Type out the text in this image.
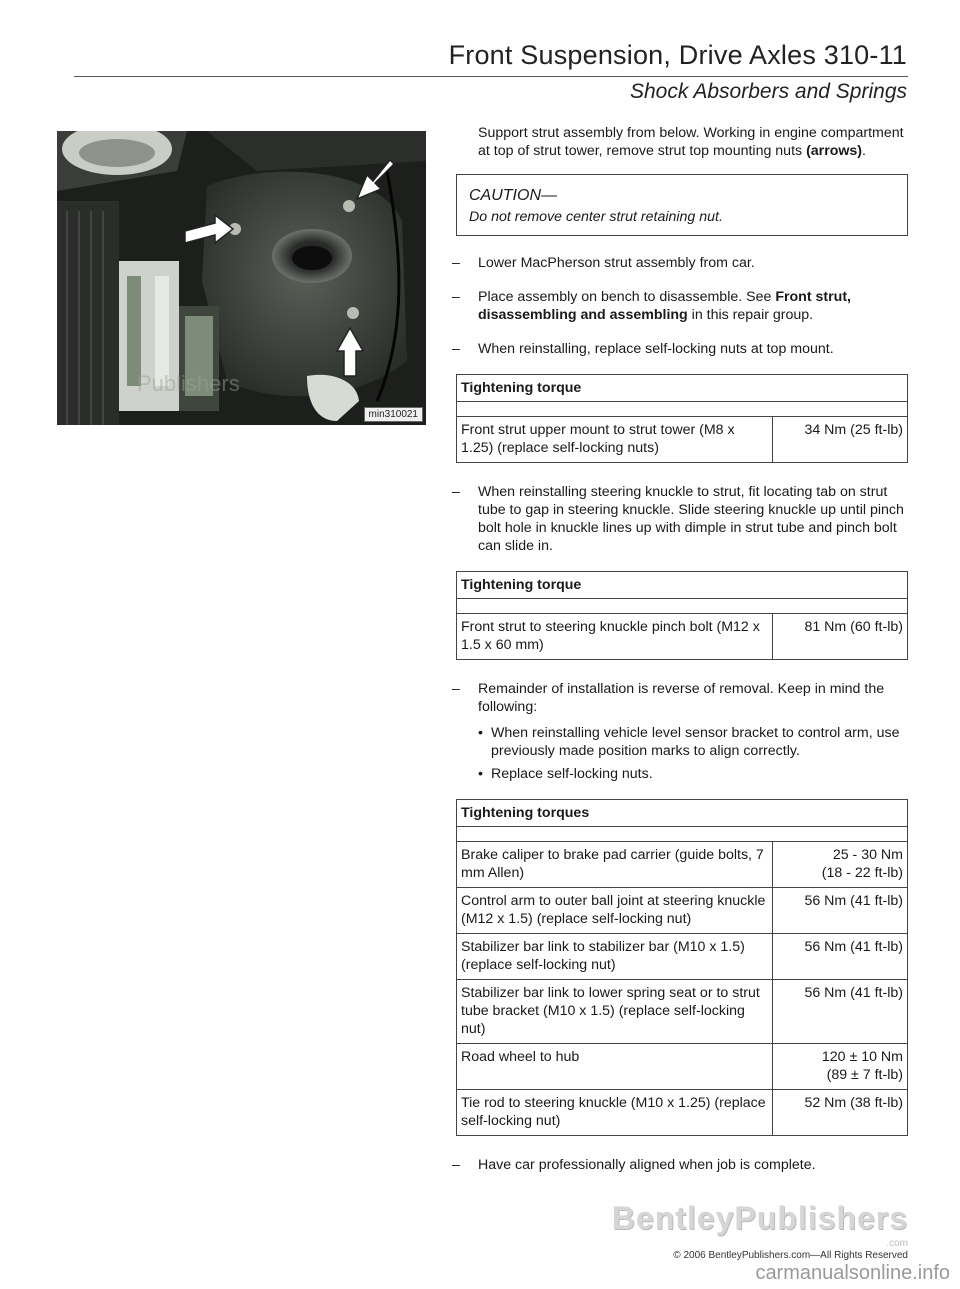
Front Suspension, Drive Axles 310-11
Shock Absorbers and Springs
Publishers
min310021
Support strut assembly from below. Working in engine compartment at top of strut tower, remove strut top mounting nuts (arrows).
CAUTION—
Do not remove center strut retaining nut.
– Lower MacPherson strut assembly from car.
– Place assembly on bench to disassemble. See Front strut, disassembling and assembling in this repair group.
– When reinstalling, replace self-locking nuts at top mount.
Tightening torque

Front strut upper mount to strut tower (M8 x 1.25) (replace self-locking nuts)	34 Nm (25 ft-lb)
– When reinstalling steering knuckle to strut, fit locating tab on strut tube to gap in steering knuckle. Slide steering knuckle up until pinch bolt hole in knuckle lines up with dimple in strut tube and pinch bolt can slide in.
Tightening torque

Front strut to steering knuckle pinch bolt (M12 x 1.5 x 60 mm)	81 Nm (60 ft-lb)
– Remainder of installation is reverse of removal. Keep in mind the following:
• When reinstalling vehicle level sensor bracket to control arm, use previously made position marks to align correctly.
• Replace self-locking nuts.
Tightening torques	

Brake caliper to brake pad carrier (guide bolts, 7 mm Allen)	25 - 30 Nm
(18 - 22 ft-lb)

Control arm to outer ball joint at steering knuckle (M12 x 1.5) (replace self-locking nut)	56 Nm (41 ft-lb)

Stabilizer bar link to stabilizer bar (M10 x 1.5) (replace self-locking nut)	56 Nm (41 ft-lb)

Stabilizer bar link to lower spring seat or to strut tube bracket (M10 x 1.5) (replace self-locking nut)	56 Nm (41 ft-lb)

Road wheel to hub	120 ± 10 Nm
(89 ± 7 ft-lb)

Tie rod to steering knuckle (M10 x 1.25) (replace self-locking nut)	52 Nm (38 ft-lb)
– Have car professionally aligned when job is complete.
BentleyPublishers
.com
© 2006 BentleyPublishers.com—All Rights Reserved
carmanualsonline.info
